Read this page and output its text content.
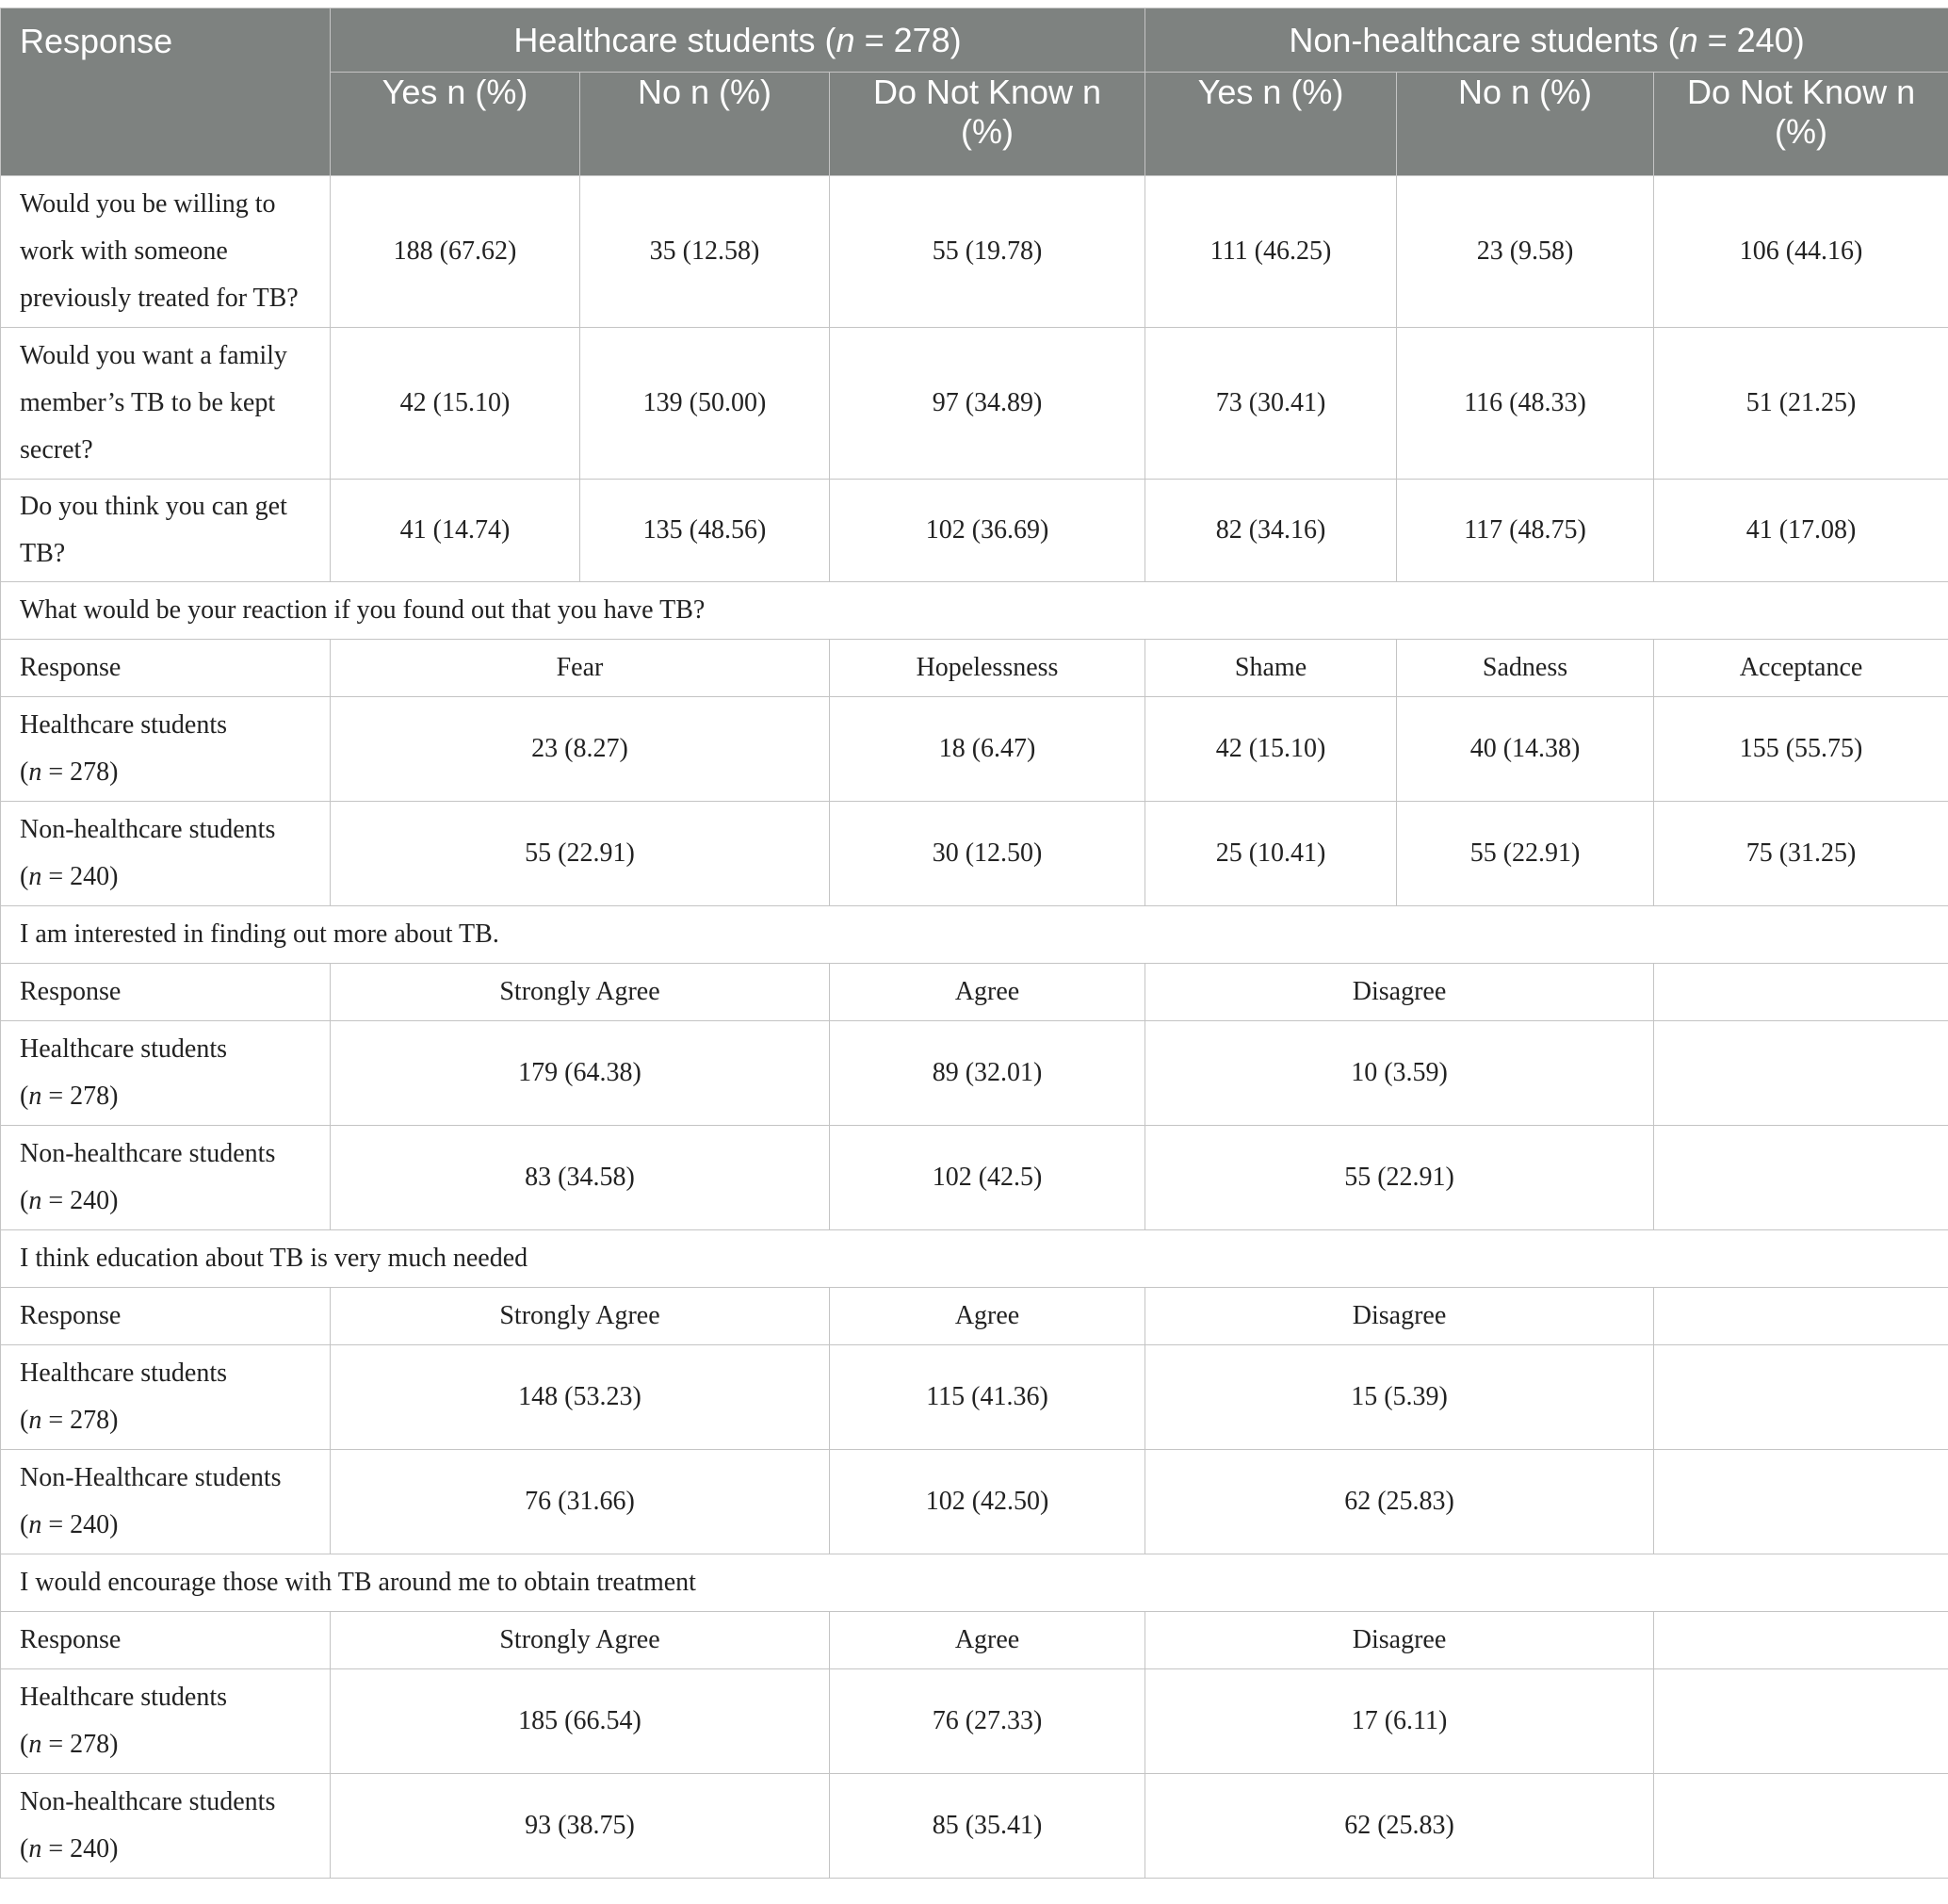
Response	Healthcare students (n = 278)			Non-healthcare students (n = 240)		
	Yes n (%)	No n (%)	Do Not Know n (%)	Yes n (%)	No n (%)	Do Not Know n (%)
Would you be willing to work with someone previously treated for TB?	188 (67.62)	35 (12.58)	55 (19.78)	111 (46.25)	23 (9.58)	106 (44.16)
Would you want a family member’s TB to be kept secret?	42 (15.10)	139 (50.00)	97 (34.89)	73 (30.41)	116 (48.33)	51 (21.25)
Do you think you can get TB?	41 (14.74)	135 (48.56)	102 (36.69)	82 (34.16)	117 (48.75)	41 (17.08)
What would be your reaction if you found out that you have TB?						
Response	Fear		Hopelessness	Shame	Sadness	Acceptance
Healthcare students
(n = 278)	23 (8.27)		18 (6.47)	42 (15.10)	40 (14.38)	155 (55.75)
Non-healthcare students
(n = 240)	55 (22.91)		30 (12.50)	25 (10.41)	55 (22.91)	75 (31.25)
I am interested in finding out more about TB.						
Response	Strongly Agree		Agree	Disagree		
Healthcare students
(n = 278)	179 (64.38)		89 (32.01)	10 (3.59)		
Non-healthcare students
(n = 240)	83 (34.58)		102 (42.5)	55 (22.91)		
I think education about TB is very much needed						
Response	Strongly Agree		Agree	Disagree		
Healthcare students
(n = 278)	148 (53.23)		115 (41.36)	15 (5.39)		
Non-Healthcare students
(n = 240)	76 (31.66)		102 (42.50)	62 (25.83)		
I would encourage those with TB around me to obtain treatment						
Response	Strongly Agree		Agree	Disagree		
Healthcare students
(n = 278)	185 (66.54)		76 (27.33)	17 (6.11)		
Non-healthcare students
(n = 240)	93 (38.75)		85 (35.41)	62 (25.83)		
